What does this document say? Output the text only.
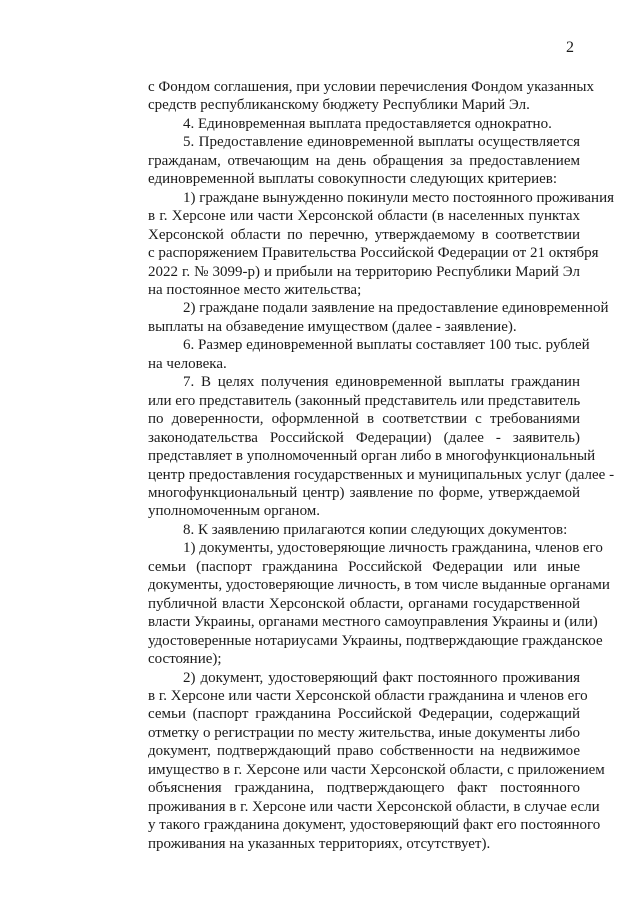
2
с Фондом соглашения, при условии перечисления Фондом указанных
средств республиканскому бюджету Республики Марий Эл.
4. Единовременная выплата предоставляется однократно.
5. Предоставление единовременной выплаты осуществляется
гражданам, отвечающим на день обращения за предоставлением
единовременной выплаты совокупности следующих критериев:
1) граждане вынужденно покинули место постоянного проживания
в г. Херсоне или части Херсонской области (в населенных пунктах
Херсонской области по перечню, утверждаемому в соответствии
с распоряжением Правительства Российской Федерации от 21 октября
2022 г. № 3099-р) и прибыли на территорию Республики Марий Эл
на постоянное место жительства;
2) граждане подали заявление на предоставление единовременной
выплаты на обзаведение имуществом (далее - заявление).
6. Размер единовременной выплаты составляет 100 тыс. рублей
на человека.
7. В целях получения единовременной выплаты гражданин
или его представитель (законный представитель или представитель
по доверенности, оформленной в соответствии с требованиями
законодательства Российской Федерации) (далее - заявитель)
представляет в уполномоченный орган либо в многофункциональный
центр предоставления государственных и муниципальных услуг (далее -
многофункциональный центр) заявление по форме, утверждаемой
уполномоченным органом.
8. К заявлению прилагаются копии следующих документов:
1) документы, удостоверяющие личность гражданина, членов его
семьи (паспорт гражданина Российской Федерации или иные
документы, удостоверяющие личность, в том числе выданные органами
публичной власти Херсонской области, органами государственной
власти Украины, органами местного самоуправления Украины и (или)
удостоверенные нотариусами Украины, подтверждающие гражданское
состояние);
2) документ, удостоверяющий факт постоянного проживания
в г. Херсоне или части Херсонской области гражданина и членов его
семьи (паспорт гражданина Российской Федерации, содержащий
отметку о регистрации по месту жительства, иные документы либо
документ, подтверждающий право собственности на недвижимое
имущество в г. Херсоне или части Херсонской области, с приложением
объяснения гражданина, подтверждающего факт постоянного
проживания в г. Херсоне или части Херсонской области, в случае если
у такого гражданина документ, удостоверяющий факт его постоянного
проживания на указанных территориях, отсутствует).
